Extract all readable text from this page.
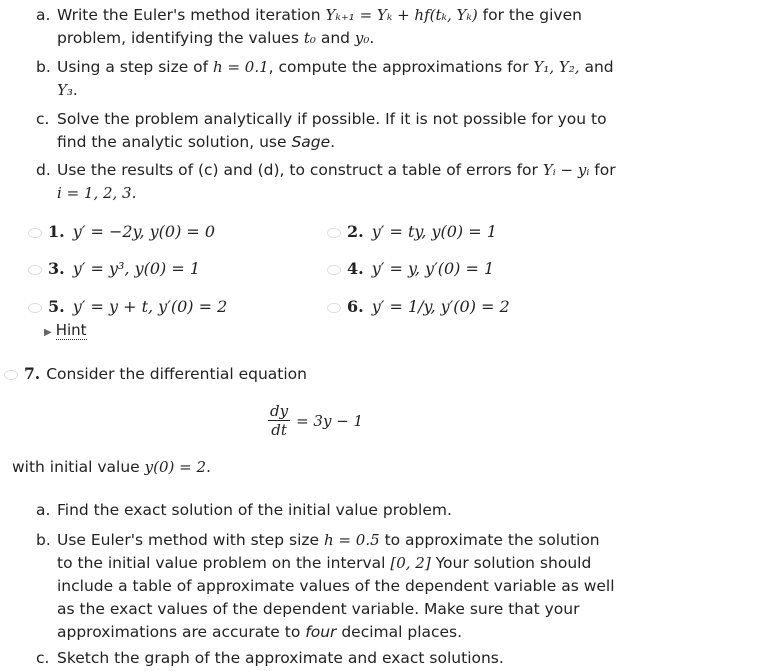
a. Write the Euler's method iteration Yₖ₊₁ = Yₖ + hf(tₖ, Yₖ) for the given problem, identifying the values t₀ and y₀.
b. Using a step size of h = 0.1, compute the approximations for Y₁, Y₂, and
Y₃.
c. Solve the problem analytically if possible. If it is not possible for you to find the analytic solution, use Sage.
d. Use the results of (c) and (d), to construct a table of errors for Yᵢ − yᵢ for
i = 1, 2, 3.
1. y′ = −2y, y(0) = 0	2. y′ = ty, y(0) = 1
3. y′ = y³, y(0) = 1	4. y′ = y, y′(0) = 1
5. y′ = y + t, y′(0) = 2	6. y′ = 1/y, y′(0) = 2
▶ Hint
7. Consider the differential equation
$\frac{dy}{dt} = 3y - 1$
with initial value y(0) = 2.
a. Find the exact solution of the initial value problem.
b. Use Euler's method with step size h = 0.5 to approximate the solution to the initial value problem on the interval [0, 2] Your solution should include a table of approximate values of the dependent variable as well as the exact values of the dependent variable. Make sure that your approximations are accurate to four decimal places.
c. Sketch the graph of the approximate and exact solutions.
